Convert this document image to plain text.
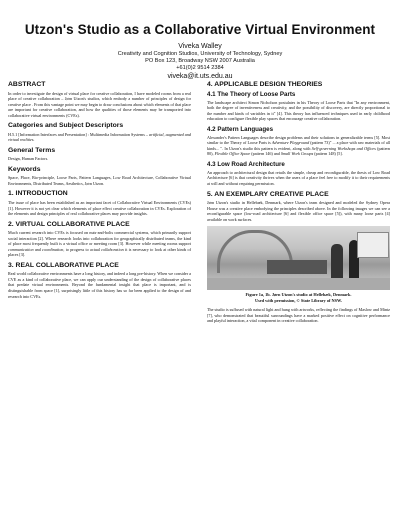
Utzon's Studio as a Collaborative Virtual Environment
Viveka Walley
Creativity and Cognition Studios, University of Technology, Sydney
PO Box 123, Broadway NSW 2007 Australia
+61(0)2 9514 2384
viveka@it.uts.edu.au
ABSTRACT

In order to investigate the design of virtual place for creative collaboration, I have modeled rooms from a real place of creative collaboration – Jørn Utzon's studios, which embody a number of principles of design for creative place . From this vantage point we may begin to draw conclusions about which elements of that place are important for creative collaboration, and how the qualities of those elements may be transported into collaborative virtual environments (CVEs).

Categories and Subject Descriptors

H.5.1 [Information Interfaces and Presentation] : Multimedia Information Systems – artificial, augmented and virtual realities.

General Terms

Design, Human Factors.

Keywords

Space, Place, Bio-principle, Loose Parts, Pattern Languages, Low Road Architecture, Collaborative Virtual Environments, Distributed Teams, Aesthetics, Jørn Utzon.

1. INTRODUCTION

The issue of place has been established as an important facet of Collaborative Virtual Environments (CVEs) [1]. However it is not yet clear which elements of place effect creative collaboration in CVEs. Exploration of the elements and design principles of real collaborative places may provide insights.

2. VIRTUAL COLLABORATIVE PLACE

Much current research into CVEs is focused on nuts-and-bolts commercial systems, which primarily support social interaction [2]. Where research looks into collaboration for geographically distributed teams, the kind of place most frequently built is a virtual office or meeting room [3]. However while meeting rooms support communication and coordination, to progress to actual collaboration it is necessary to look at other kinds of places [3].

3. REAL COLLABORATIVE PLACE

Real world collaborative environments have a long history, and indeed a long pre-history. When we consider a CVE as a kind of collaborative place, we can apply our understanding of the design of collaborative places that predate virtual environments. Beyond the fundamental insight that place is important, and is distinguishable from space [1], surprisingly little of this history has so far been applied to the design of and research into CVEs.

4. APPLICABLE DESIGN THEORIES
4.1 The Theory of Loose Parts

The landscape architect Simon Nicholson postulates in his Theory of Loose Parts that "In any environment, both the degree of inventiveness and creativity, and the possibility of discovery, are directly proportional to the number and kinds of variables in it" [4]. This theory has influenced techniques used in early childhood education to configure flexible play spaces that encourage creative collaboration.

4.2 Pattern Languages

Alexander's Pattern Languages describe design problems and their solutions in generalizable terms [5]. Most similar to the Theory of Loose Parts is Adventure Playground (pattern 73)" ... a place with raw materials of all kinds... ". In Utzon's studio this pattern is evident, along with Self-governing Workshops and Offices (pattern 80), Flexible Office Space (pattern 146) and Small Work Groups (pattern 148) [5].

4.3 Low Road Architecture

An approach to architectural design that retails the simple, cheap and reconfigurable, the thesis of Low Road Architecture [6] is that creativity thrives when the users of a place feel free to modify it to their requirements at will and without requiring permission.

5. AN EXEMPLARY CREATIVE PLACE

Jørn Utzon's studio in Hellebæk, Denmark, where Utzon's team designed and modeled the Sydney Opera House was a creative place embodying the principles described above. In the following images we can see a reconfigurable space (low-road architecture [6] and flexible office space [5]), with many loose parts [4] available on work surfaces.

Figure 1a, 1b. Jørn Utzon's studio at Hellebæk, Denmark.
Used with permission, © State Library of NSW.

The studio is suffused with natural light and hung with artworks, reflecting the findings of Maslow and Mintz [7], who demonstrated that beautiful surroundings have a marked positive effect on cognitive performance and playful interaction, a vital component in creative collaboration.
